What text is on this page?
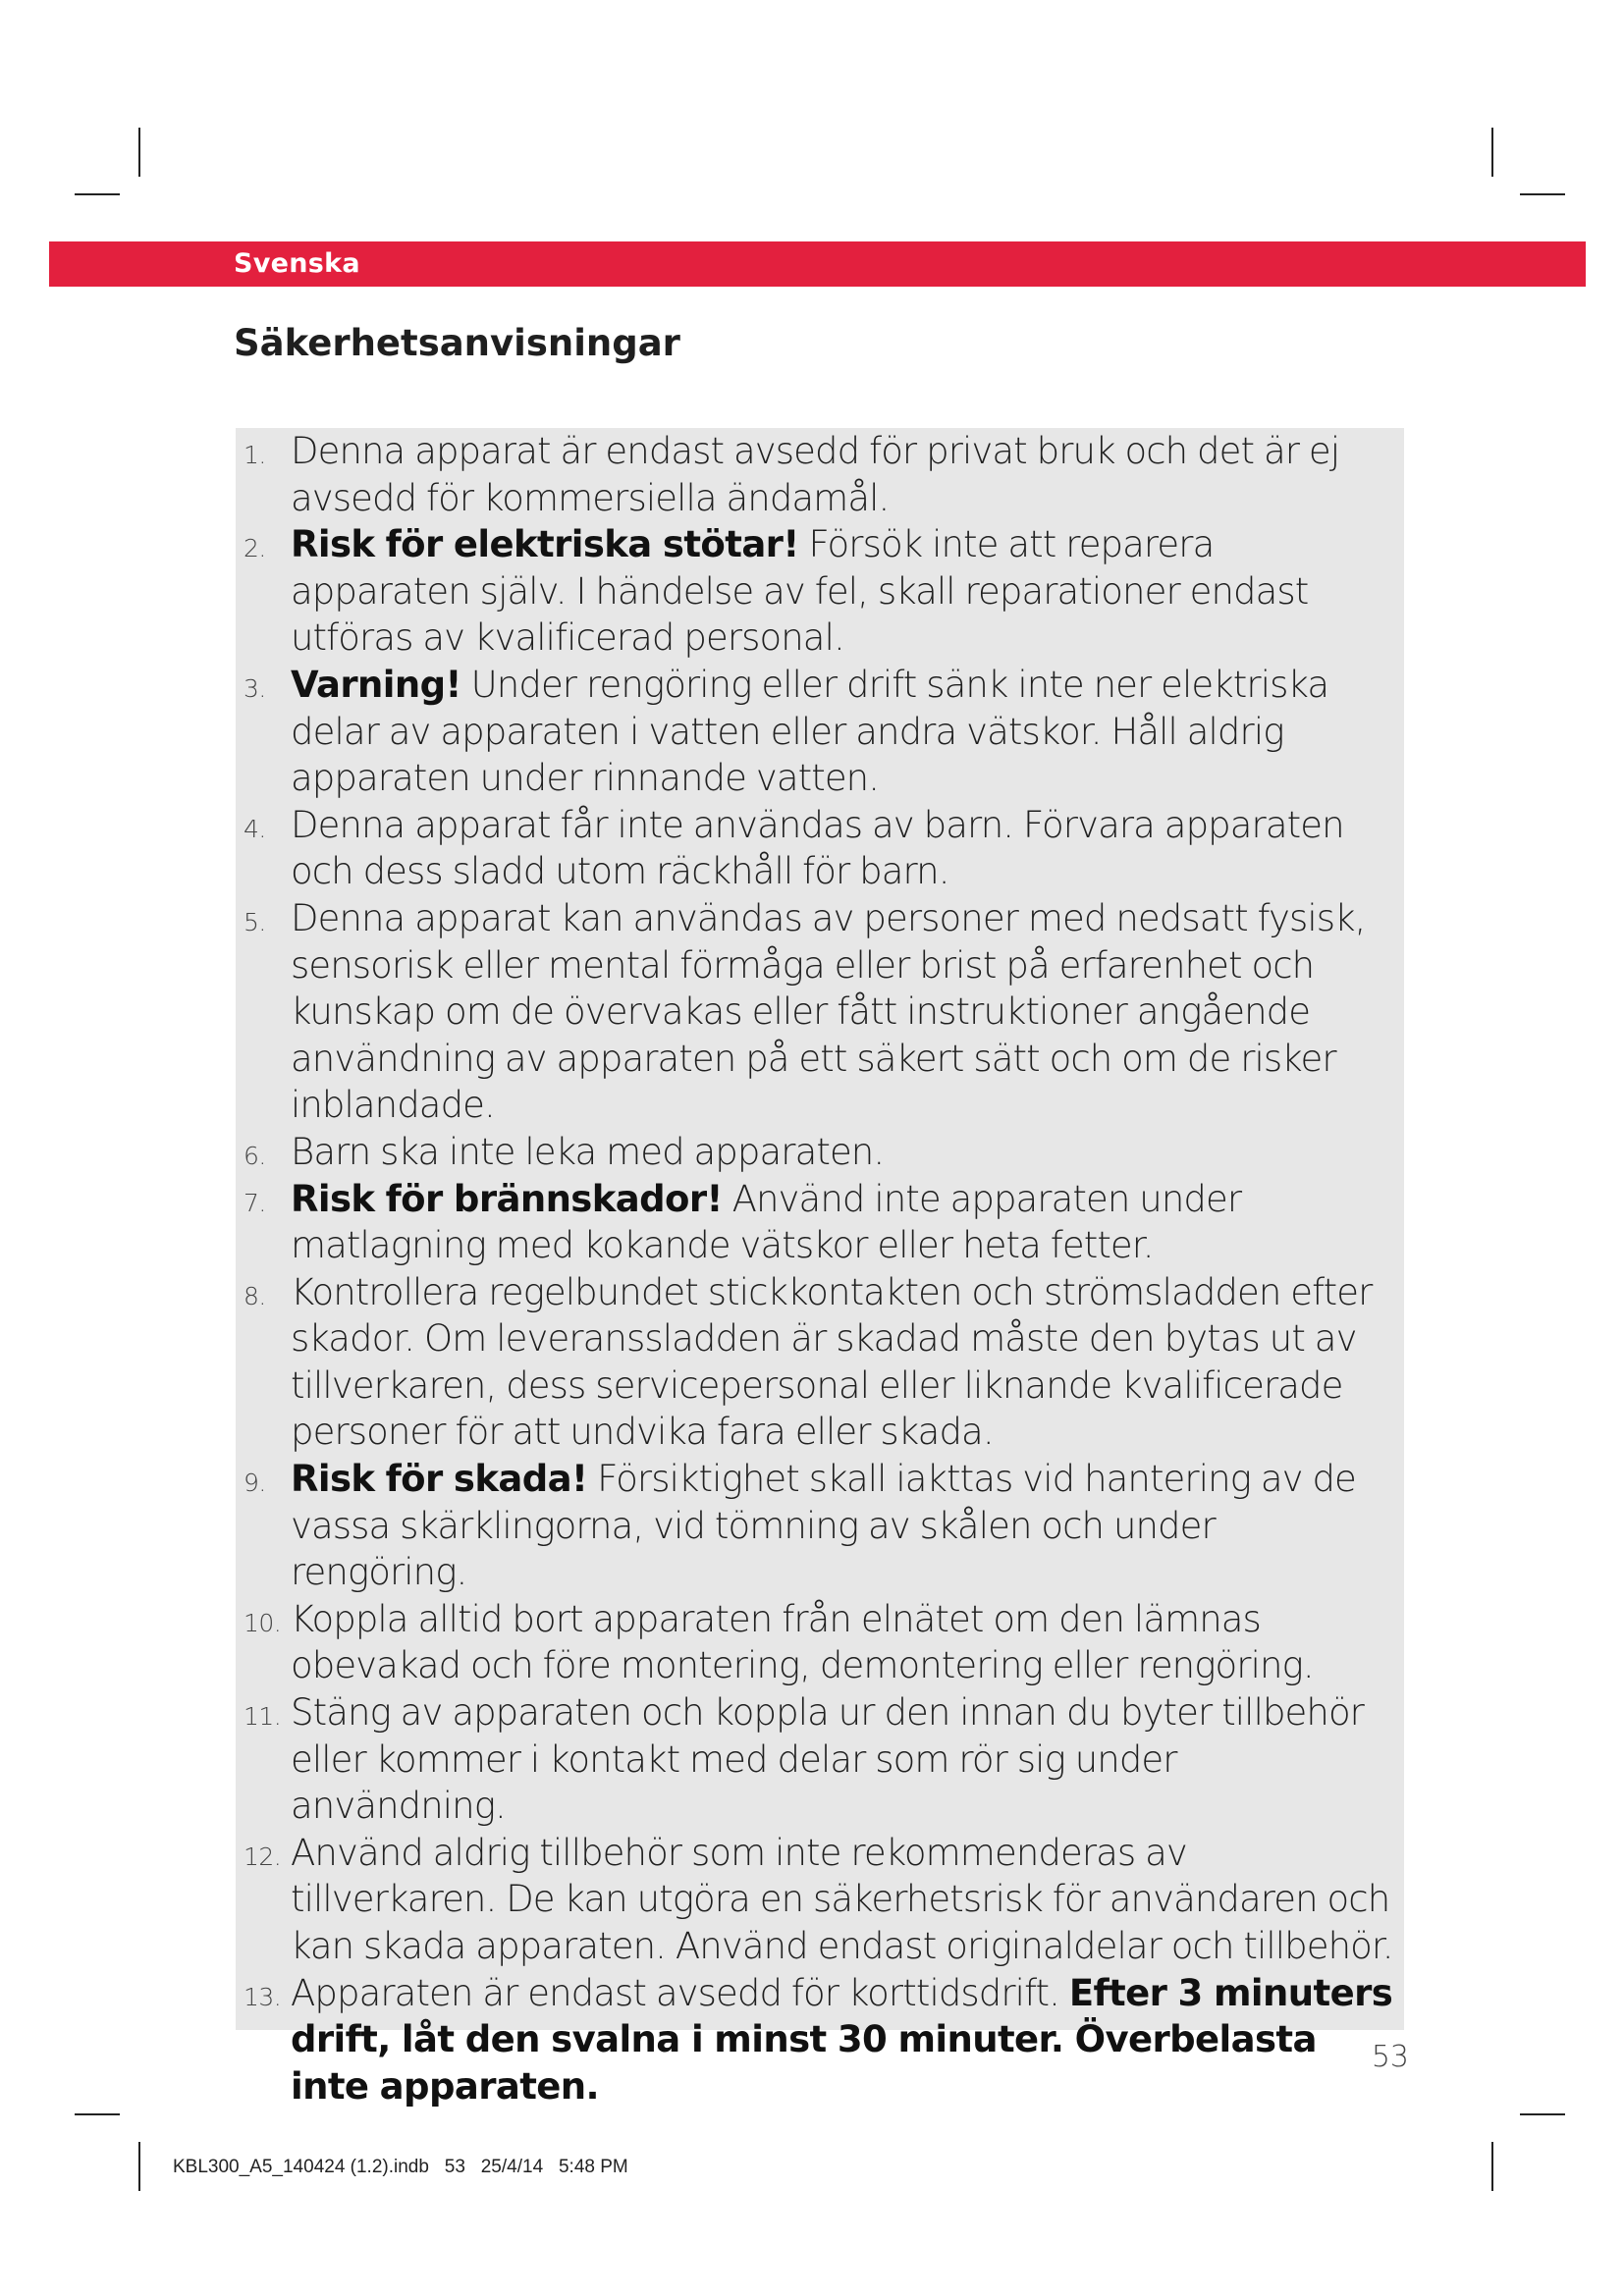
Svenska
Säkerhetsanvisningar
1. Denna apparat är endast avsedd för privat bruk och det är ej avsedd för kommersiella ändamål.
2. Risk för elektriska stötar! Försök inte att reparera apparaten själv. I händelse av fel, skall reparationer endast utföras av kvalificerad personal.
3. Varning! Under rengöring eller drift sänk inte ner elektriska delar av apparaten i vatten eller andra vätskor. Håll aldrig apparaten under rinnande vatten.
4. Denna apparat får inte användas av barn. Förvara apparaten och dess sladd utom räckhåll för barn.
5. Denna apparat kan användas av personer med nedsatt fysisk, sensorisk eller mental förmåga eller brist på erfarenhet och kunskap om de övervakas eller fått instruktioner angående användning av apparaten på ett säkert sätt och om de risker inblandade.
6. Barn ska inte leka med apparaten.
7. Risk för brännskador! Använd inte apparaten under matlagning med kokande vätskor eller heta fetter.
8. Kontrollera regelbundet stickkontakten och strömsladden efter skador. Om leveranssladden är skadad måste den bytas ut av tillverkaren, dess servicepersonal eller liknande kvalificerade personer för att undvika fara eller skada.
9. Risk för skada! Försiktighet skall iakttas vid hantering av de vassa skärklingorna, vid tömning av skålen och under rengöring.
10. Koppla alltid bort apparaten från elnätet om den lämnas obevakad och före montering, demontering eller rengöring.
11. Stäng av apparaten och koppla ur den innan du byter tillbehör eller kommer i kontakt med delar som rör sig under användning.
12. Använd aldrig tillbehör som inte rekommenderas av tillverkaren. De kan utgöra en säkerhetsrisk för användaren och kan skada apparaten. Använd endast originaldelar och tillbehör.
13. Apparaten är endast avsedd för korttidsdrift. Efter 3 minuters drift, låt den svalna i minst 30 minuter. Överbelasta inte apparaten.
53
KBL300_A5_140424 (1.2).indb   53   25/4/14   5:48 PM
